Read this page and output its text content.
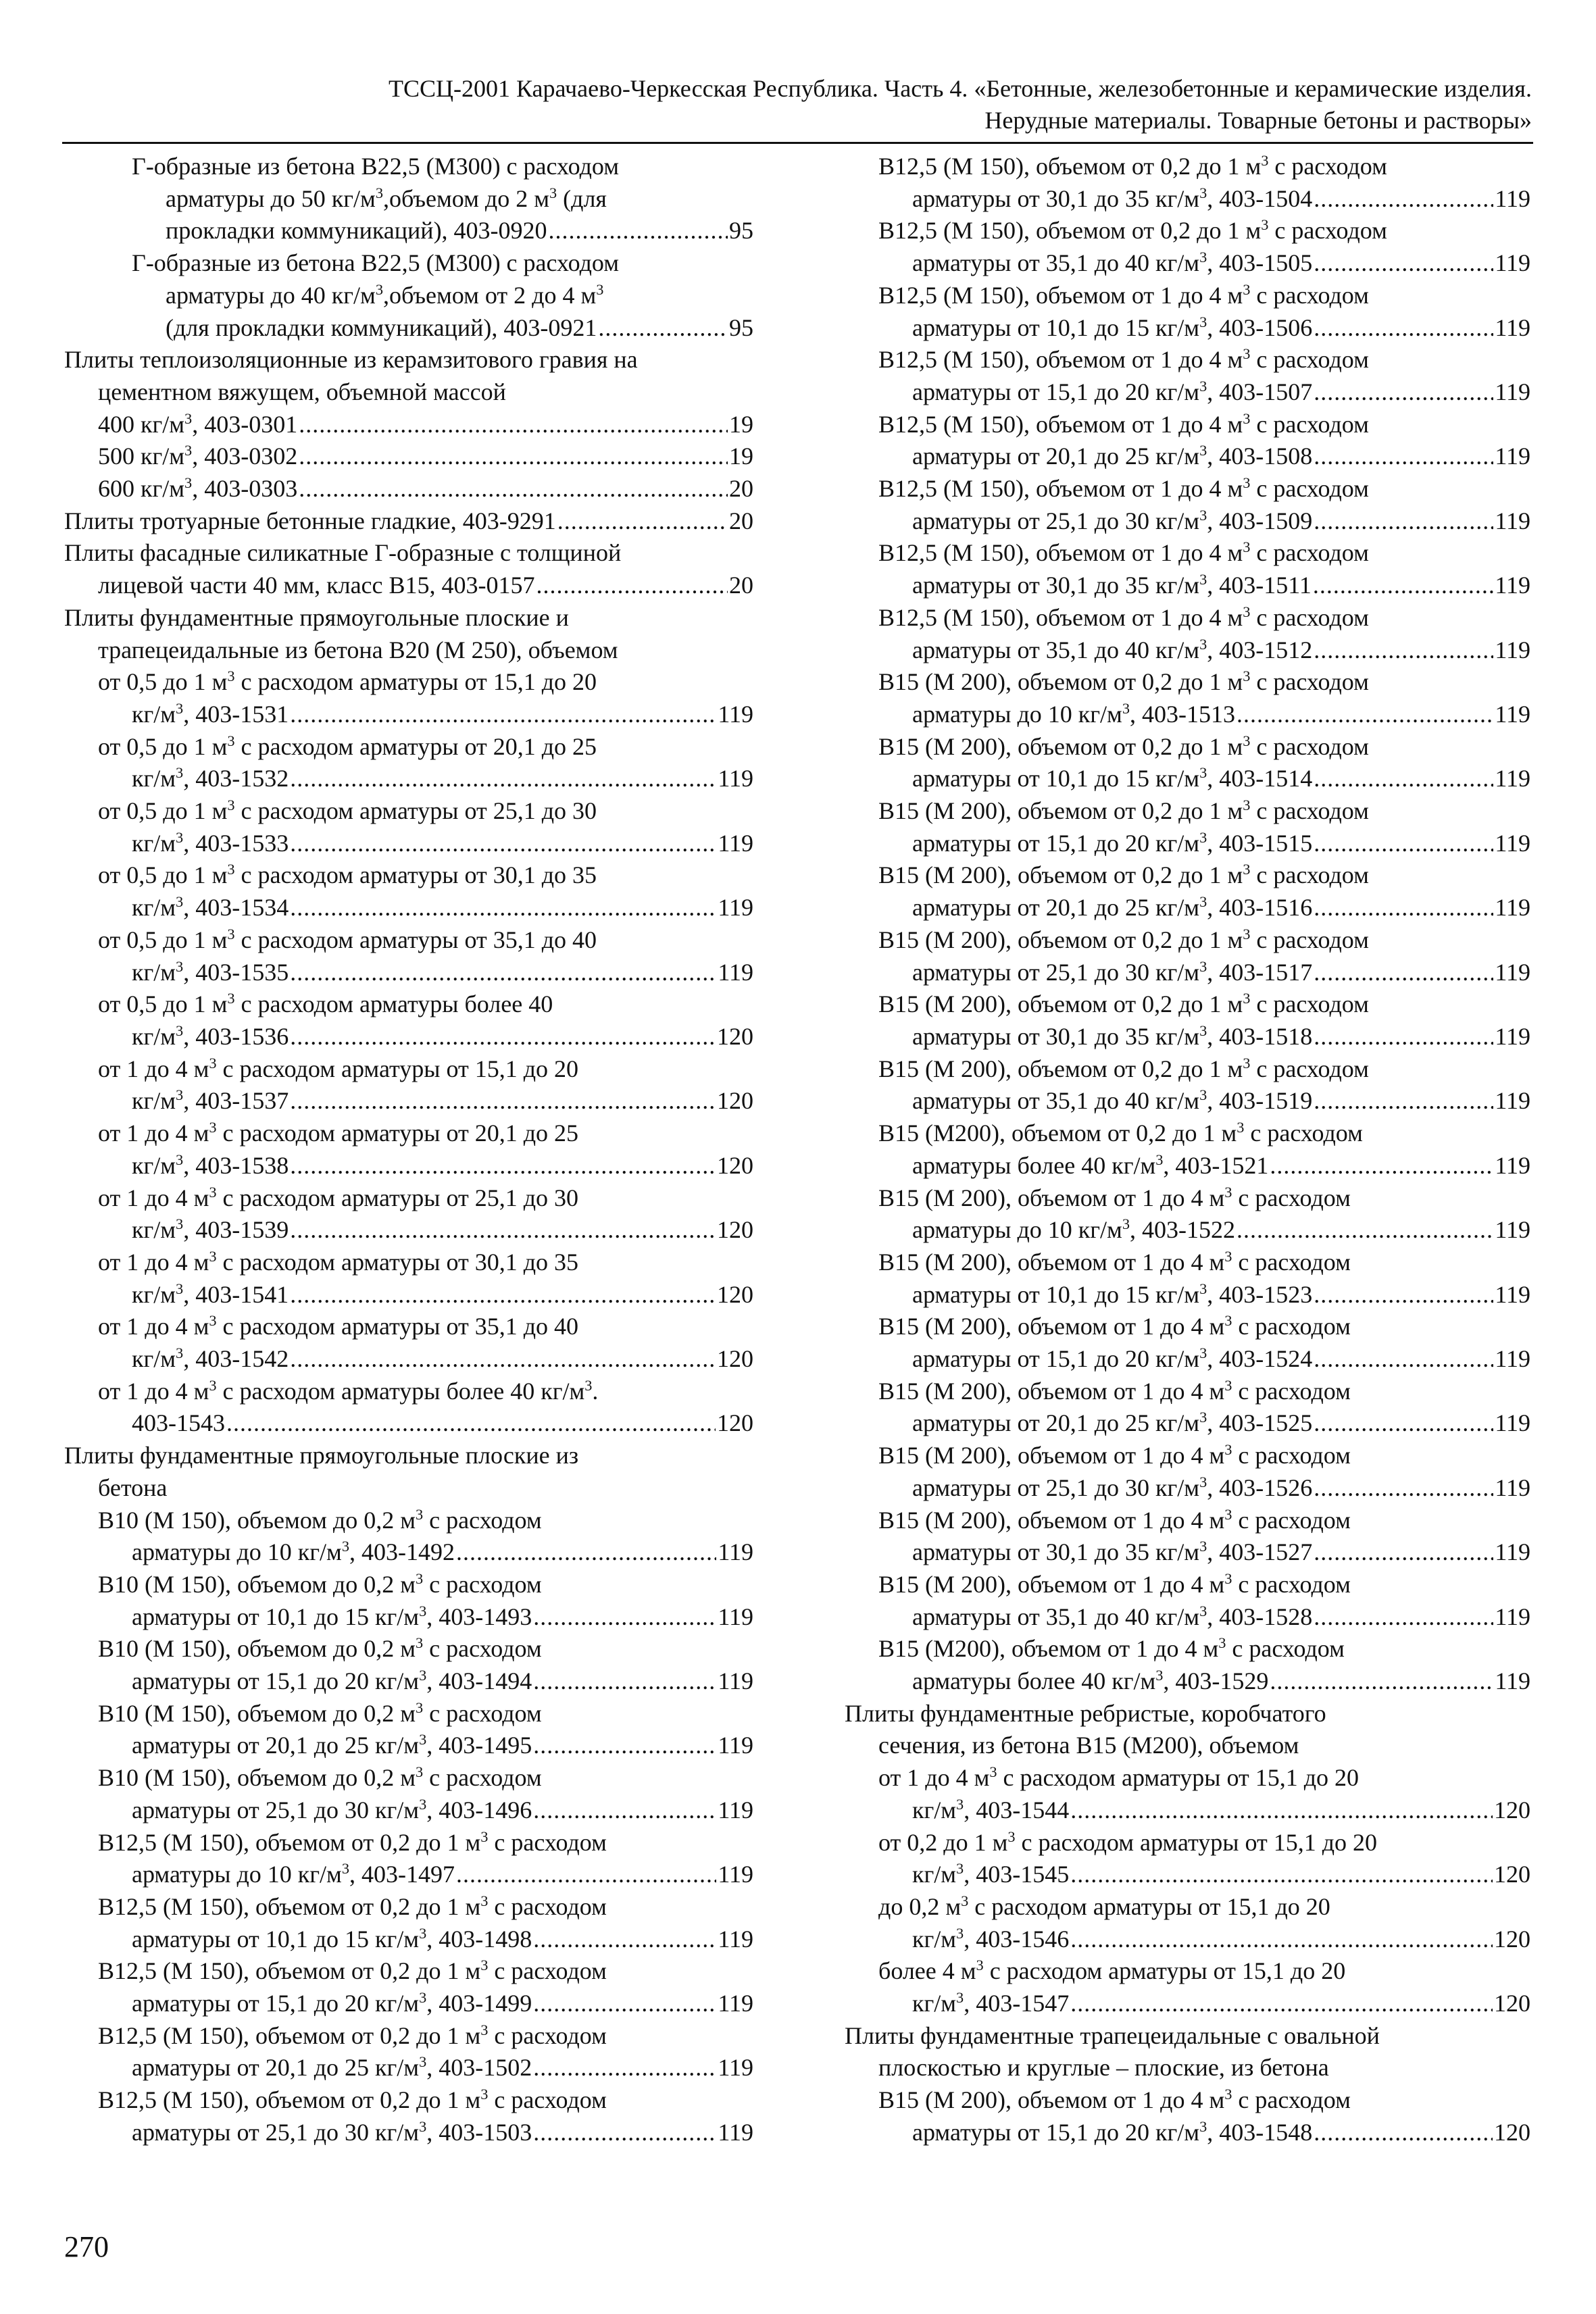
ТССЦ-2001 Карачаево-Черкесская Республика. Часть 4. «Бетонные, железобетонные и керамические изделия.
Нерудные материалы. Товарные бетоны и растворы»
Г-образные из бетона В22,5 (М300) с расходом
арматуры до 50 $кг/м^3,объемом$ до 2 $м^3$ (для
прокладки коммуникаций), 403-0920 .....	95
Г-образные из бетона В22,5 (М300) с расходом
арматуры до 40 $кг/м^3,объемом$ от 2 до 4 $м^3$
(для прокладки коммуникаций), 403-0921 .....	95
Плиты теплоизоляционные из керамзитового гравия на
цементном вяжущем, объемной массой
400 $кг/м^3$, 403-0301 .....	19
500 $кг/м^3$, 403-0302 .....	19
600 $кг/м^3$, 403-0303 .....	20
Плиты тротуарные бетонные гладкие, 403-9291 .....	20
Плиты фасадные силикатные Г-образные с толщиной
лицевой части 40 мм, класс В15, 403-0157 .....	20
Плиты фундаментные прямоугольные плоские и
трапецеидальные из бетона В20 (М 250), объемом
от 0,5 до 1 $м^3$ с расходом арматуры от 15,1 до 20
$кг/м^3$, 403-1531 .....	119
от 0,5 до 1 $м^3$ с расходом арматуры от 20,1 до 25
$кг/м^3$, 403-1532 .....	119
от 0,5 до 1 $м^3$ с расходом арматуры от 25,1 до 30
$кг/м^3$, 403-1533 .....	119
от 0,5 до 1 $м^3$ с расходом арматуры от 30,1 до 35
$кг/м^3$, 403-1534 .....	119
от 0,5 до 1 $м^3$ с расходом арматуры от 35,1 до 40
$кг/м^3$, 403-1535 .....	119
от 0,5 до 1 $м^3$ с расходом арматуры более 40
$кг/м^3$, 403-1536 .....	120
от 1 до 4 $м^3$ с расходом арматуры от 15,1 до 20
$кг/м^3$, 403-1537 .....	120
от 1 до 4 $м^3$ с расходом арматуры от 20,1 до 25
$кг/м^3$, 403-1538 .....	120
от 1 до 4 $м^3$ с расходом арматуры от 25,1 до 30
$кг/м^3$, 403-1539 .....	120
от 1 до 4 $м^3$ с расходом арматуры от 30,1 до 35
$кг/м^3$, 403-1541 .....	120
от 1 до 4 $м^3$ с расходом арматуры от 35,1 до 40
$кг/м^3$, 403-1542 .....	120
от 1 до 4 $м^3$ с расходом арматуры более 40 $кг/м^3$.
403-1543 .....	120
Плиты фундаментные прямоугольные плоские из
бетона
В10 (М 150), объемом до 0,2 $м^3$ с расходом
арматуры до 10 $кг/м^3$, 403-1492 .....	119
В10 (М 150), объемом до 0,2 $м^3$ с расходом
арматуры от 10,1 до 15 $кг/м^3$, 403-1493 .....	119
В10 (М 150), объемом до 0,2 $м^3$ с расходом
арматуры от 15,1 до 20 $кг/м^3$, 403-1494 .....	119
В10 (М 150), объемом до 0,2 $м^3$ с расходом
арматуры от 20,1 до 25 $кг/м^3$, 403-1495 .....	119
В10 (М 150), объемом до 0,2 $м^3$ с расходом
арматуры от 25,1 до 30 $кг/м^3$, 403-1496 .....	119
В12,5 (М 150), объемом от 0,2 до 1 $м^3$ с расходом
арматуры до 10 $кг/м^3$, 403-1497 .....	119
В12,5 (М 150), объемом от 0,2 до 1 $м^3$ с расходом
арматуры от 10,1 до 15 $кг/м^3$, 403-1498 .....	119
В12,5 (М 150), объемом от 0,2 до 1 $м^3$ с расходом
арматуры от 15,1 до 20 $кг/м^3$, 403-1499 .....	119
В12,5 (М 150), объемом от 0,2 до 1 $м^3$ с расходом
арматуры от 20,1 до 25 $кг/м^3$, 403-1502 .....	119
В12,5 (М 150), объемом от 0,2 до 1 $м^3$ с расходом
арматуры от 25,1 до 30 $кг/м^3$, 403-1503 .....	119
В12,5 (М 150), объемом от 0,2 до 1 $м^3$ с расходом
арматуры от 30,1 до 35 $кг/м^3$, 403-1504 .....	119
В12,5 (М 150), объемом от 0,2 до 1 $м^3$ с расходом
арматуры от 35,1 до 40 $кг/м^3$, 403-1505 .....	119
В12,5 (М 150), объемом от 1 до 4 $м^3$ с расходом
арматуры от 10,1 до 15 $кг/м^3$, 403-1506 .....	119
В12,5 (М 150), объемом от 1 до 4 $м^3$ с расходом
арматуры от 15,1 до 20 $кг/м^3$, 403-1507 .....	119
В12,5 (М 150), объемом от 1 до 4 $м^3$ с расходом
арматуры от 20,1 до 25 $кг/м^3$, 403-1508 .....	119
В12,5 (М 150), объемом от 1 до 4 $м^3$ с расходом
арматуры от 25,1 до 30 $кг/м^3$, 403-1509 .....	119
В12,5 (М 150), объемом от 1 до 4 $м^3$ с расходом
арматуры от 30,1 до 35 $кг/м^3$, 403-1511 .....	119
В12,5 (М 150), объемом от 1 до 4 $м^3$ с расходом
арматуры от 35,1 до 40 $кг/м^3$, 403-1512 .....	119
В15 (М 200), объемом от 0,2 до 1 $м^3$ с расходом
арматуры до 10 $кг/м^3$, 403-1513 .....	119
В15 (М 200), объемом от 0,2 до 1 $м^3$ с расходом
арматуры от 10,1 до 15 $кг/м^3$, 403-1514 .....	119
В15 (М 200), объемом от 0,2 до 1 $м^3$ с расходом
арматуры от 15,1 до 20 $кг/м^3$, 403-1515 .....	119
В15 (М 200), объемом от 0,2 до 1 $м^3$ с расходом
арматуры от 20,1 до 25 $кг/м^3$, 403-1516 .....	119
В15 (М 200), объемом от 0,2 до 1 $м^3$ с расходом
арматуры от 25,1 до 30 $кг/м^3$, 403-1517 .....	119
В15 (М 200), объемом от 0,2 до 1 $м^3$ с расходом
арматуры от 30,1 до 35 $кг/м^3$, 403-1518 .....	119
В15 (М 200), объемом от 0,2 до 1 $м^3$ с расходом
арматуры от 35,1 до 40 $кг/м^3$, 403-1519 .....	119
В15 (М200), объемом от 0,2 до 1 $м^3$ с расходом
арматуры более 40 $кг/м^3$, 403-1521 .....	119
В15 (М 200), объемом от 1 до 4 $м^3$ с расходом
арматуры до 10 $кг/м^3$, 403-1522 .....	119
В15 (М 200), объемом от 1 до 4 $м^3$ с расходом
арматуры от 10,1 до 15 $кг/м^3$, 403-1523 .....	119
В15 (М 200), объемом от 1 до 4 $м^3$ с расходом
арматуры от 15,1 до 20 $кг/м^3$, 403-1524 .....	119
В15 (М 200), объемом от 1 до 4 $м^3$ с расходом
арматуры от 20,1 до 25 $кг/м^3$, 403-1525 .....	119
В15 (М 200), объемом от 1 до 4 $м^3$ с расходом
арматуры от 25,1 до 30 $кг/м^3$, 403-1526 .....	119
В15 (М 200), объемом от 1 до 4 $м^3$ с расходом
арматуры от 30,1 до 35 $кг/м^3$, 403-1527 .....	119
В15 (М 200), объемом от 1 до 4 $м^3$ с расходом
арматуры от 35,1 до 40 $кг/м^3$, 403-1528 .....	119
В15 (М200), объемом от 1 до 4 $м^3$ с расходом
арматуры более 40 $кг/м^3$, 403-1529 .....	119
Плиты фундаментные ребристые, коробчатого
сечения, из бетона В15 (М200), объемом
от 1 до 4 $м^3$ с расходом арматуры от 15,1 до 20
$кг/м^3$, 403-1544 .....	120
от 0,2 до 1 $м^3$ с расходом арматуры от 15,1 до 20
$кг/м^3$, 403-1545 .....	120
до 0,2 $м^3$ с расходом арматуры от 15,1 до 20
$кг/м^3$, 403-1546 .....	120
более 4 $м^3$ с расходом арматуры от 15,1 до 20
$кг/м^3$, 403-1547 .....	120
Плиты фундаментные трапецеидальные с овальной
плоскостью и круглые – плоские, из бетона
В15 (М 200), объемом от 1 до 4 $м^3$ с расходом
арматуры от 15,1 до 20 $кг/м^3$, 403-1548 .....	120
270
